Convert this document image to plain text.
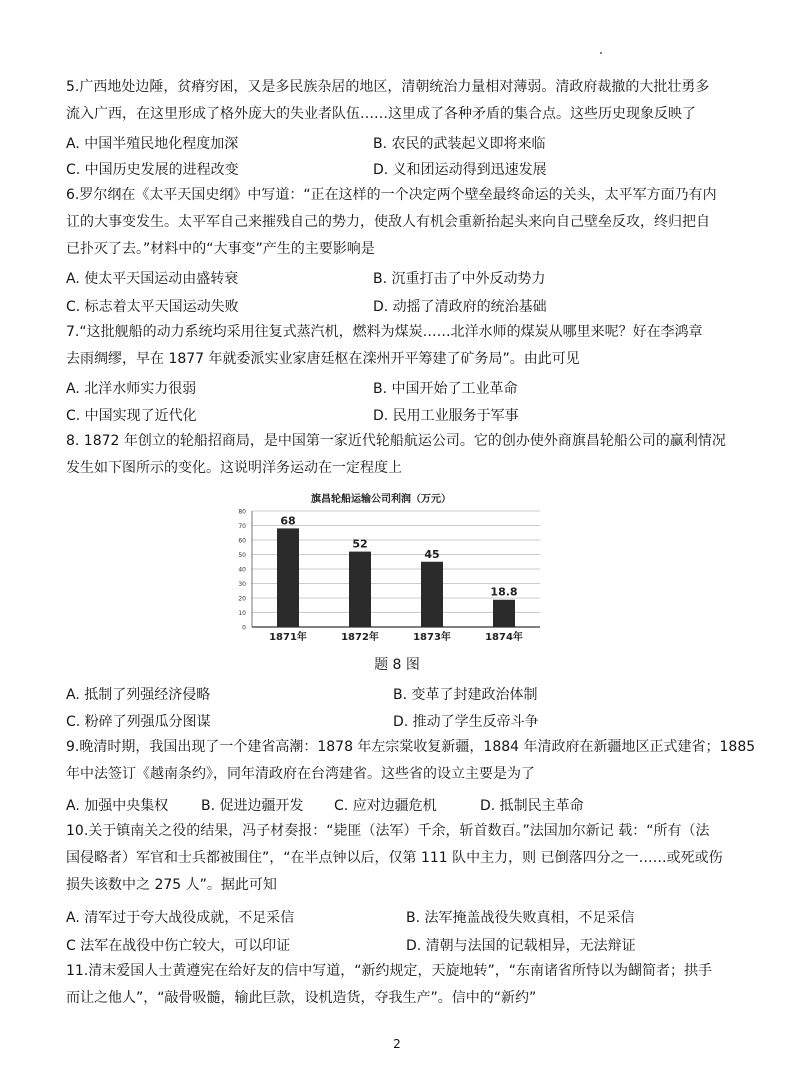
5.广西地处边陲，贫瘠穷困，又是多民族杂居的地区，清朝统治力量相对薄弱。清政府裁撤的大批壮勇多
流入广西，在这里形成了格外庞大的失业者队伍……这里成了各种矛盾的集合点。这些历史现象反映了
A. 中国半殖民地化程度加深	B. 农民的武装起义即将来临
C. 中国历史发展的进程改变	D. 义和团运动得到迅速发展
6.罗尔纲在《太平天国史纲》中写道：“正在这样的一个决定两个壁垒最终命运的关头，太平军方面乃有内
讧的大事变发生。太平军自己来摧残自己的势力，使敌人有机会重新抬起头来向自己壁垒反攻，终归把自
已扑灭了去。”材料中的“大事变”产生的主要影响是
A. 使太平天国运动由盛转衰	B. 沉重打击了中外反动势力
C. 标志着太平天国运动失败	D. 动摇了清政府的统治基础
7.“这批舰船的动力系统均采用往复式蒸汽机，燃料为煤炭……北洋水师的煤炭从哪里来呢？好在李鸿章
去雨绸缪，早在 1877 年就委派实业家唐廷枢在滦州开平筹建了矿务局”。由此可见
A. 北洋水师实力很弱	B. 中国开始了工业革命
C. 中国实现了近代化	D. 民用工业服务于军事
8. 1872 年创立的轮船招商局，是中国第一家近代轮船航运公司。它的创办使外商旗昌轮船公司的赢利情况
发生如下图所示的变化。这说明洋务运动在一定程度上
旗昌轮船运输公司利润（万元）
0
10
20
30
40
50
60
70
80
68
52
45
18.8
1871年	1872年	1873年	1874年
题 8 图
A. 抵制了列强经济侵略	B. 变革了封建政治体制
C. 粉碎了列强瓜分图谋	D. 推动了学生反帝斗争
9.晚清时期，我国出现了一个建省高潮：1878 年左宗棠收复新疆，1884 年清政府在新疆地区正式建省；1885
年中法签订《越南条约》，同年清政府在台湾建省。这些省的设立主要是为了
A. 加强中央集权 B. 促进边疆开发 C. 应对边疆危机	D. 抵制民主革命
10.关于镇南关之役的结果，冯子材奏报：“毙匪（法军）千余，斩首数百。”法国加尔新记 载：“所有（法
国侵略者）军官和士兵都被围住”，“在半点钟以后，仅第 111 队中主力，则 已倒落四分之一……或死或伤
损失该数中之 275 人”。据此可知
A. 清军过于夸大战役成就，不足采信	B. 法军掩盖战役失败真相，不足采信
C 法军在战役中伤亡较大，可以印证	D. 清朝与法国的记载相异，无法辩证
11.清末爱国人士黄遵宪在给好友的信中写道，“新约规定，天旋地转”，“东南诸省所恃以为餬简者；拱手
而让之他人”，“敲骨吸髓，输此巨款，设机造货，夺我生产”。信中的“新约”
2
